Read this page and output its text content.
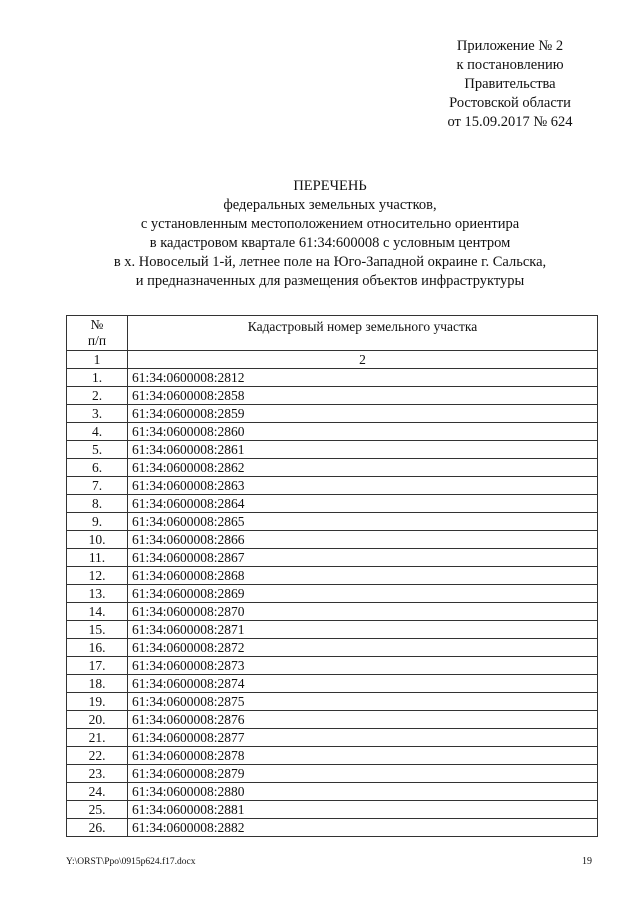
Приложение № 2
к постановлению
Правительства
Ростовской области
от 15.09.2017 № 624
ПЕРЕЧЕНЬ
федеральных земельных участков,
с установленным местоположением относительно ориентира
в кадастровом квартале 61:34:600008 с условным центром
в х. Новоселый 1-й, летнее поле на Юго-Западной окраине г. Сальска,
и предназначенных для размещения объектов инфраструктуры
№
п/п	Кадастровый номер земельного участка
1	2
1.	61:34:0600008:2812
2.	61:34:0600008:2858
3.	61:34:0600008:2859
4.	61:34:0600008:2860
5.	61:34:0600008:2861
6.	61:34:0600008:2862
7.	61:34:0600008:2863
8.	61:34:0600008:2864
9.	61:34:0600008:2865
10.	61:34:0600008:2866
11.	61:34:0600008:2867
12.	61:34:0600008:2868
13.	61:34:0600008:2869
14.	61:34:0600008:2870
15.	61:34:0600008:2871
16.	61:34:0600008:2872
17.	61:34:0600008:2873
18.	61:34:0600008:2874
19.	61:34:0600008:2875
20.	61:34:0600008:2876
21.	61:34:0600008:2877
22.	61:34:0600008:2878
23.	61:34:0600008:2879
24.	61:34:0600008:2880
25.	61:34:0600008:2881
26.	61:34:0600008:2882
Y:\ORST\Ppo\0915p624.f17.docx	19
